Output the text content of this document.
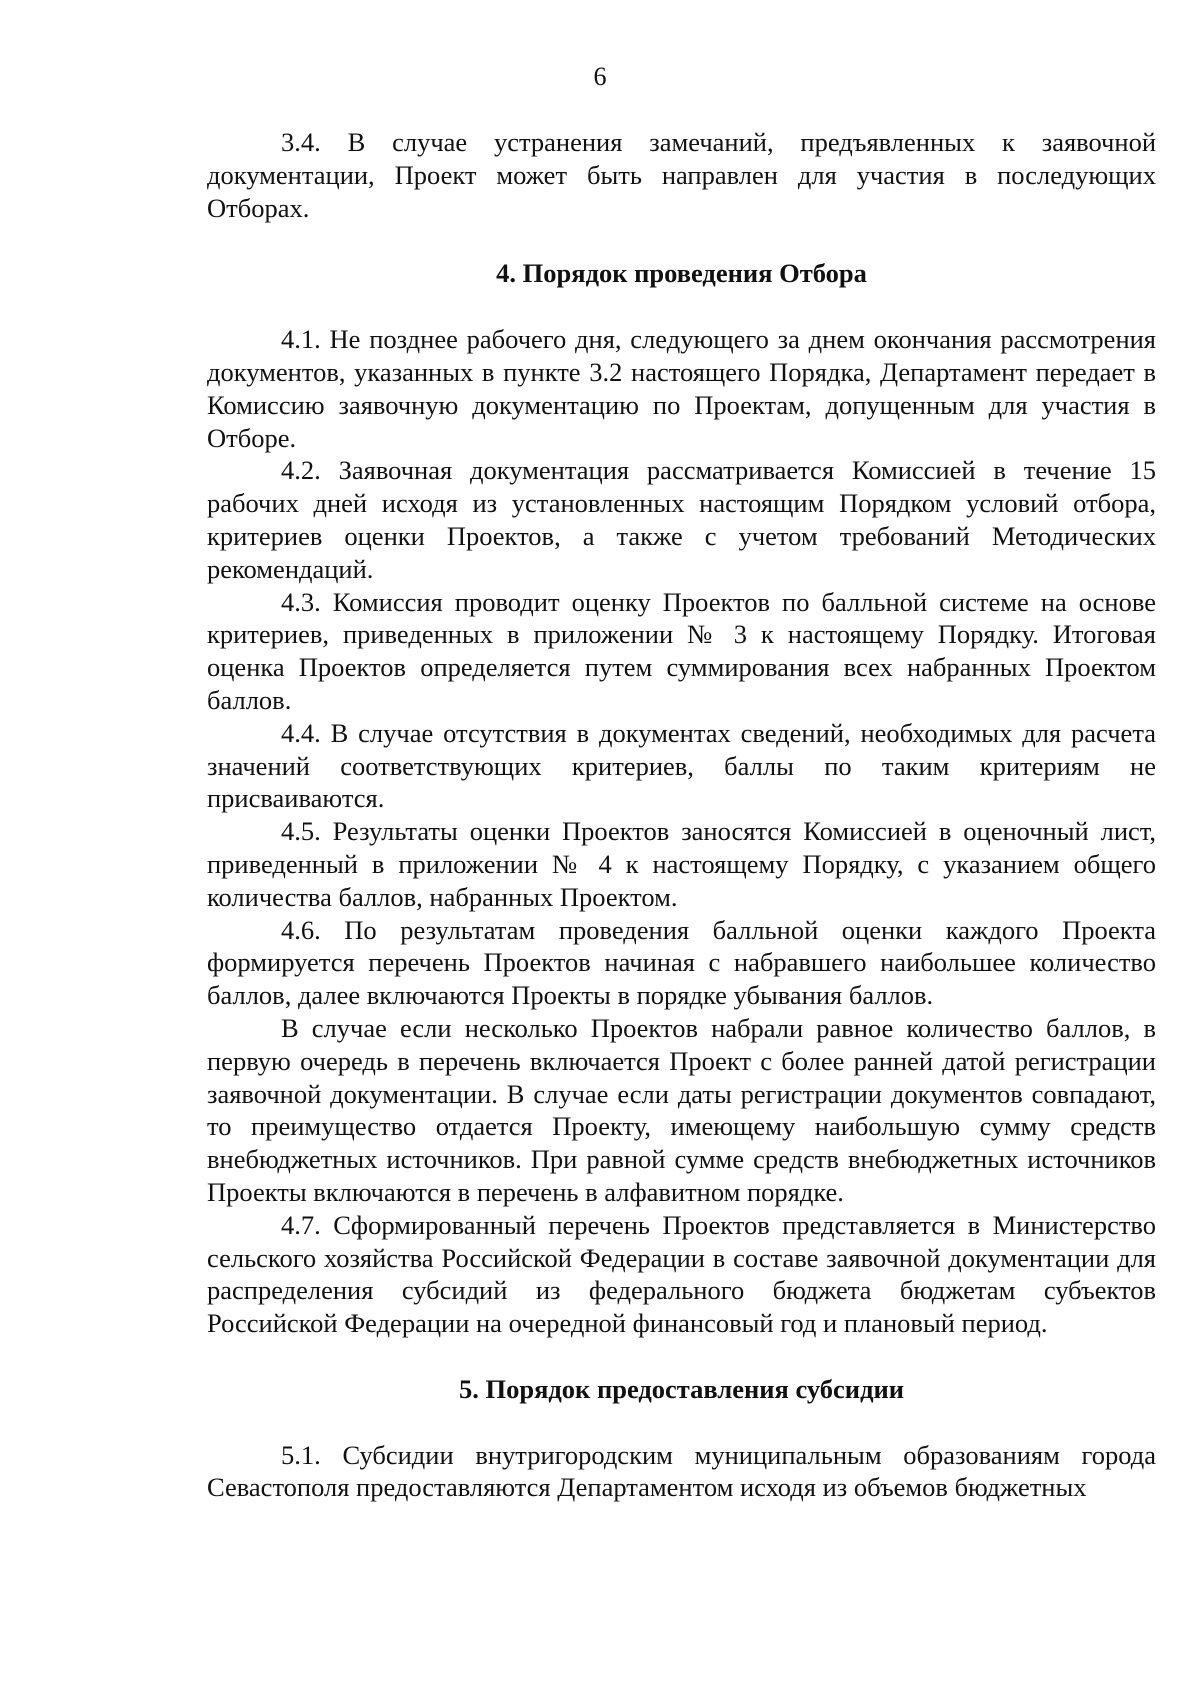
6

3.4. В случае устранения замечаний, предъявленных к заявочной документации, Проект может быть направлен для участия в последующих Отборах.

4. Порядок проведения Отбора

4.1. Не позднее рабочего дня, следующего за днем окончания рассмотрения документов, указанных в пункте 3.2 настоящего Порядка, Департамент передает в Комиссию заявочную документацию по Проектам, допущенным для участия в Отборе.

4.2. Заявочная документация рассматривается Комиссией в течение 15 рабочих дней исходя из установленных настоящим Порядком условий отбора, критериев оценки Проектов, а также с учетом требований Методических рекомендаций.

4.3. Комиссия проводит оценку Проектов по балльной системе на основе критериев, приведенных в приложении № 3 к настоящему Порядку. Итоговая оценка Проектов определяется путем суммирования всех набранных Проектом баллов.

4.4. В случае отсутствия в документах сведений, необходимых для расчета значений соответствующих критериев, баллы по таким критериям не присваиваются.

4.5. Результаты оценки Проектов заносятся Комиссией в оценочный лист, приведенный в приложении № 4 к настоящему Порядку, с указанием общего количества баллов, набранных Проектом.

4.6. По результатам проведения балльной оценки каждого Проекта формируется перечень Проектов начиная с набравшего наибольшее количество баллов, далее включаются Проекты в порядке убывания баллов.

В случае если несколько Проектов набрали равное количество баллов, в первую очередь в перечень включается Проект с более ранней датой регистрации заявочной документации. В случае если даты регистрации документов совпадают, то преимущество отдается Проекту, имеющему наибольшую сумму средств внебюджетных источников. При равной сумме средств внебюджетных источников Проекты включаются в перечень в алфавитном порядке.

4.7. Сформированный перечень Проектов представляется в Министерство сельского хозяйства Российской Федерации в составе заявочной документации для распределения субсидий из федерального бюджета бюджетам субъектов Российской Федерации на очередной финансовый год и плановый период.

5. Порядок предоставления субсидии

5.1. Субсидии внутригородским муниципальным образованиям города Севастополя предоставляются Департаментом исходя из объемов бюджетных
